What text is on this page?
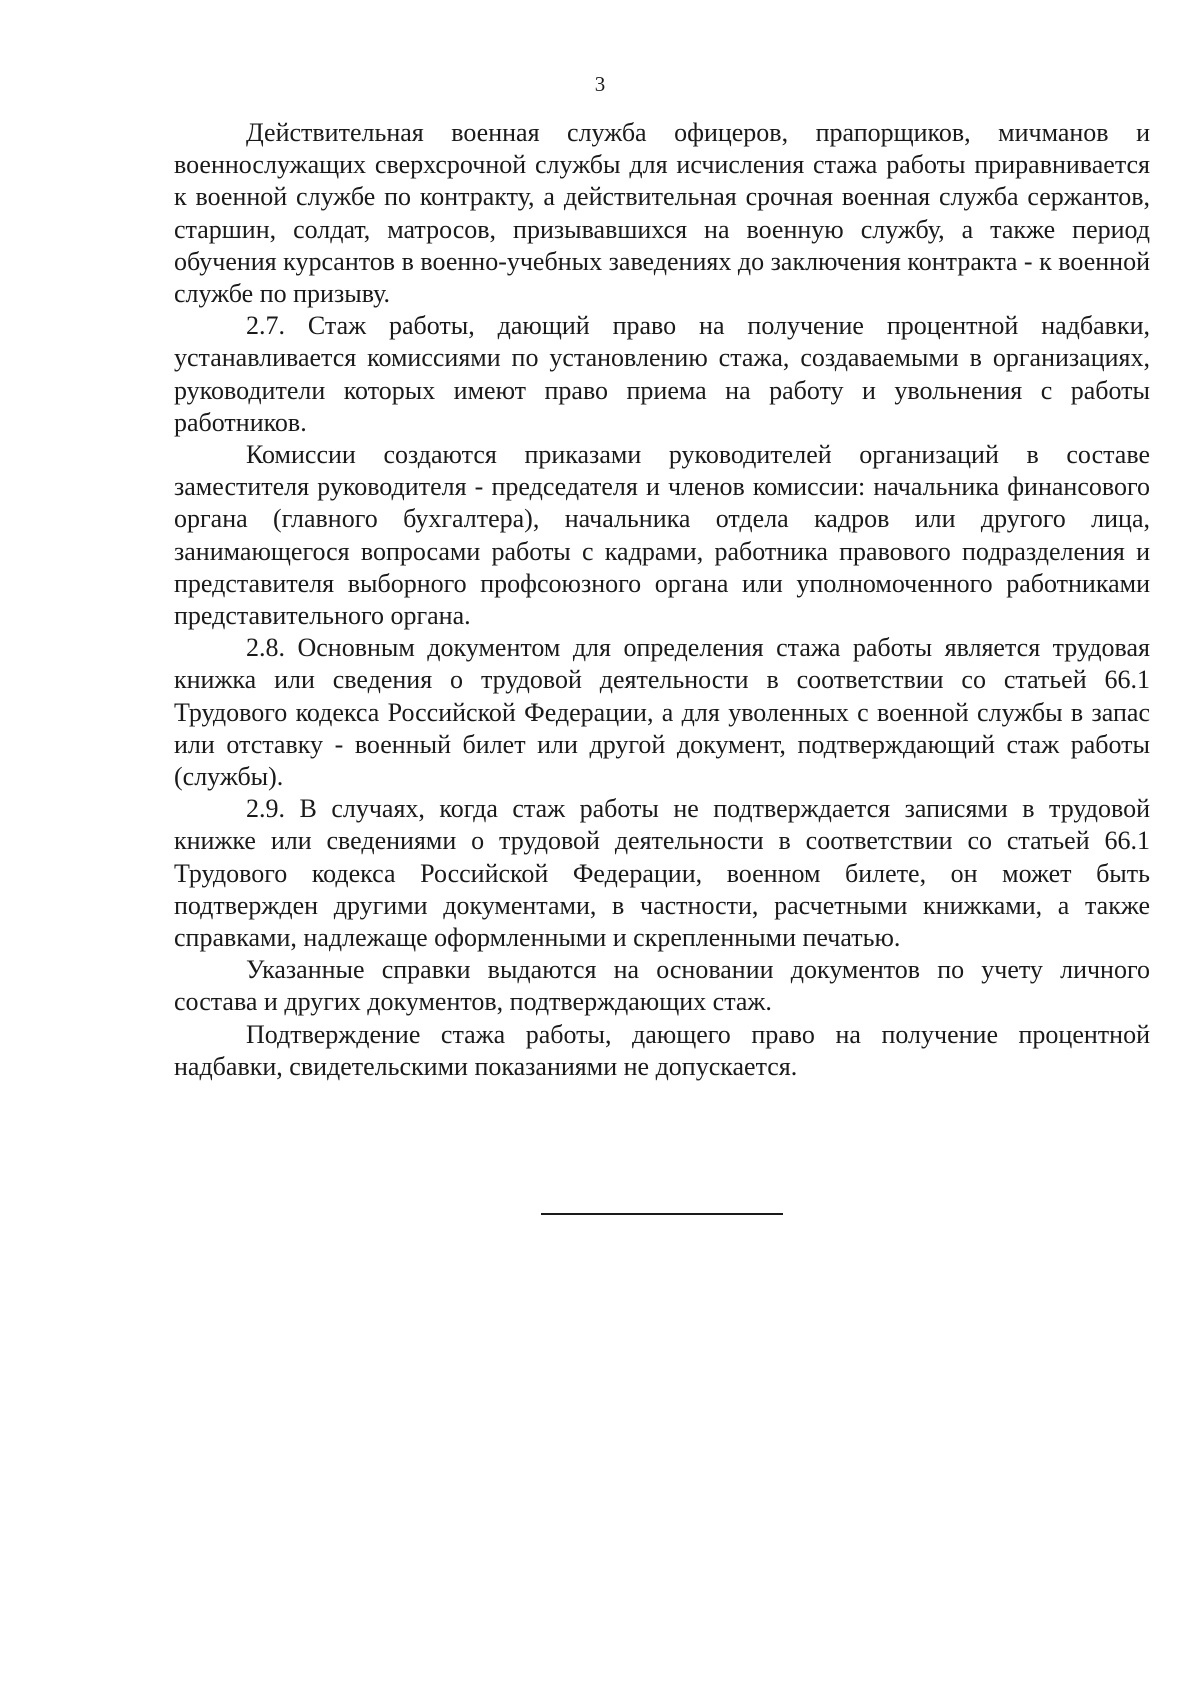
3

Действительная военная служба офицеров, прапорщиков, мичманов и военнослужащих сверхсрочной службы для исчисления стажа работы приравнивается к военной службе по контракту, а действительная срочная военная служба сержантов, старшин, солдат, матросов, призывавшихся на военную службу, а также период обучения курсантов в военно-учебных заведениях до заключения контракта - к военной службе по призыву.

2.7. Стаж работы, дающий право на получение процентной надбавки, устанавливается комиссиями по установлению стажа, создаваемыми в организациях, руководители которых имеют право приема на работу и увольнения с работы работников.

Комиссии создаются приказами руководителей организаций в составе заместителя руководителя - председателя и членов комиссии: начальника финансового органа (главного бухгалтера), начальника отдела кадров или другого лица, занимающегося вопросами работы с кадрами, работника правового подразделения и представителя выборного профсоюзного органа или уполномоченного работниками представительного органа.

2.8. Основным документом для определения стажа работы является трудовая книжка или сведения о трудовой деятельности в соответствии со статьей 66.1 Трудового кодекса Российской Федерации, а для уволенных с военной службы в запас или отставку - военный билет или другой документ, подтверждающий стаж работы (службы).

2.9. В случаях, когда стаж работы не подтверждается записями в трудовой книжке или сведениями о трудовой деятельности в соответствии со статьей 66.1 Трудового кодекса Российской Федерации, военном билете, он может быть подтвержден другими документами, в частности, расчетными книжками, а также справками, надлежаще оформленными и скрепленными печатью.

Указанные справки выдаются на основании документов по учету личного состава и других документов, подтверждающих стаж.

Подтверждение стажа работы, дающего право на получение процентной надбавки, свидетельскими показаниями не допускается.
